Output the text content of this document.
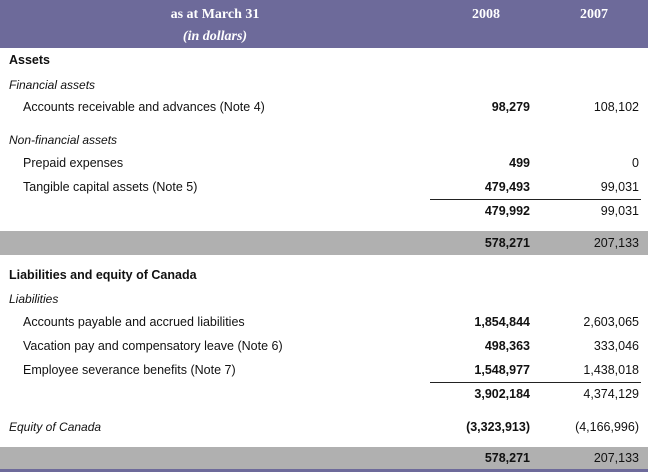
as at March 31
(in dollars)
2008	2007
Assets
Financial assets
Accounts receivable and advances (Note 4)	98,279	108,102
Non-financial assets
Prepaid expenses	499	0
Tangible capital assets (Note 5)	479,493	99,031
479,992	99,031
578,271	207,133
Liabilities and equity of Canada
Liabilities
Accounts payable and accrued liabilities	1,854,844	2,603,065
Vacation pay and compensatory leave (Note 6)	498,363	333,046
Employee severance benefits (Note 7)	1,548,977	1,438,018
3,902,184	4,374,129
Equity of Canada	(3,323,913)	(4,166,996)
578,271	207,133
